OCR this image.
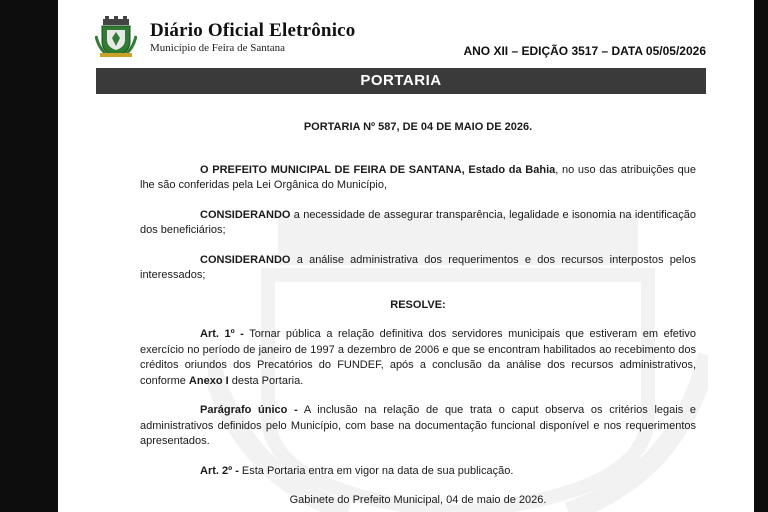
Diário Oficial Eletrônico
Município de Feira de Santana	ANO XII – EDIÇÃO 3517 – DATA 05/05/2026
PORTARIA
PORTARIA Nº 587, DE 04 DE MAIO DE 2026.

O PREFEITO MUNICIPAL DE FEIRA DE SANTANA, Estado da Bahia, no uso das atribuições que lhe são conferidas pela Lei Orgânica do Município,

CONSIDERANDO a necessidade de assegurar transparência, legalidade e isonomia na identificação dos beneficiários;

CONSIDERANDO a análise administrativa dos requerimentos e dos recursos interpostos pelos interessados;

RESOLVE:

Art. 1º - Tornar pública a relação definitiva dos servidores municipais que estiveram em efetivo exercício no período de janeiro de 1997 a dezembro de 2006 e que se encontram habilitados ao recebimento dos créditos oriundos dos Precatórios do FUNDEF, após a conclusão da análise dos recursos administrativos, conforme Anexo I desta Portaria.

Parágrafo único - A inclusão na relação de que trata o caput observa os critérios legais e administrativos definidos pelo Município, com base na documentação funcional disponível e nos requerimentos apresentados.

Art. 2º - Esta Portaria entra em vigor na data de sua publicação.

Gabinete do Prefeito Municipal, 04 de maio de 2026.
